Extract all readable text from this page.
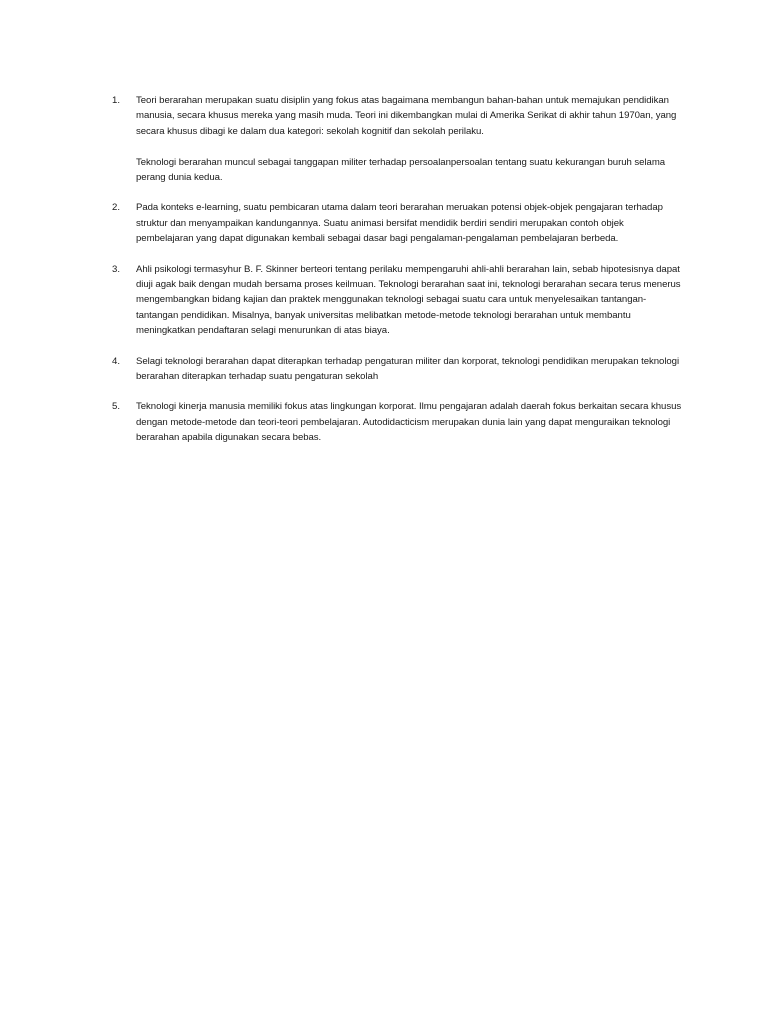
1. Teori berarahan merupakan suatu disiplin yang fokus atas bagaimana membangun bahan-bahan untuk memajukan pendidikan manusia, secara khusus mereka yang masih muda. Teori ini dikembangkan mulai di Amerika Serikat di akhir tahun 1970an, yang secara khusus dibagi ke dalam dua kategori: sekolah kognitif dan sekolah perilaku.

Teknologi berarahan muncul sebagai tanggapan militer terhadap persoalanpersoalan tentang suatu kekurangan buruh selama perang dunia kedua.

2. Pada konteks e-learning, suatu pembicaran utama dalam teori berarahan meruakan potensi objek-objek pengajaran terhadap struktur dan menyampaikan kandungannya. Suatu animasi bersifat mendidik berdiri sendiri merupakan contoh objek pembelajaran yang dapat digunakan kembali sebagai dasar bagi pengalaman-pengalaman pembelajaran berbeda.

3. Ahli psikologi termasyhur B. F. Skinner berteori tentang perilaku mempengaruhi ahli-ahli berarahan lain, sebab hipotesisnya dapat diuji agak baik dengan mudah bersama proses keilmuan. Teknologi berarahan saat ini, teknologi berarahan secara terus menerus mengembangkan bidang kajian dan praktek menggunakan teknologi sebagai suatu cara untuk menyelesaikan tantangan-tantangan pendidikan. Misalnya, banyak universitas melibatkan metode-metode teknologi berarahan untuk membantu meningkatkan pendaftaran selagi menurunkan di atas biaya.

4. Selagi teknologi berarahan dapat diterapkan terhadap pengaturan militer dan korporat, teknologi pendidikan merupakan teknologi berarahan diterapkan terhadap suatu pengaturan sekolah

5. Teknologi kinerja manusia memiliki fokus atas lingkungan korporat. Ilmu pengajaran adalah daerah fokus berkaitan secara khusus dengan metode-metode dan teori-teori pembelajaran. Autodidacticism merupakan dunia lain yang dapat menguraikan teknologi berarahan apabila digunakan secara bebas.
